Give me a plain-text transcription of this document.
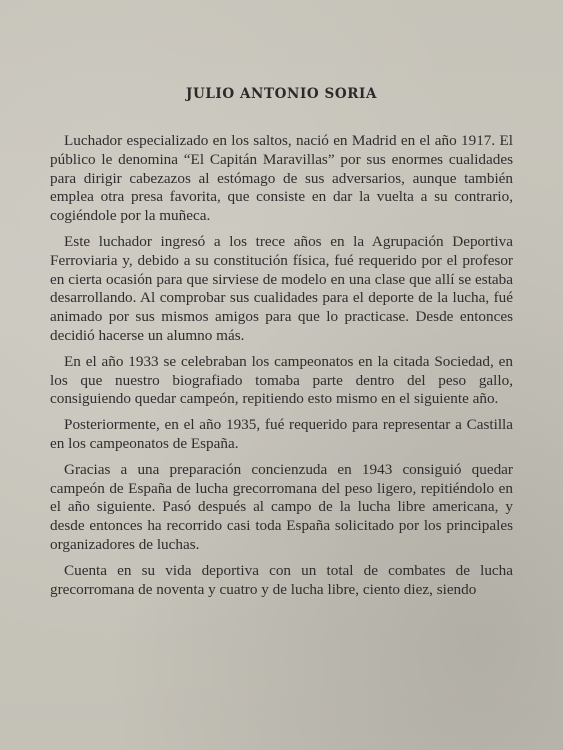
JULIO ANTONIO SORIA

Luchador especializado en los saltos, nació en Madrid en el año 1917. El público le denomina “El Capitán Maravillas” por sus enormes cualidades para dirigir cabezazos al estómago de sus adversarios, aunque también emplea otra presa favorita, que consiste en dar la vuelta a su contrario, cogiéndole por la muñeca.

Este luchador ingresó a los trece años en la Agrupación Deportiva Ferroviaria y, debido a su constitución física, fué requerido por el profesor en cierta ocasión para que sirviese de modelo en una clase que allí se estaba desarrollando. Al comprobar sus cualidades para el deporte de la lucha, fué animado por sus mismos amigos para que lo practicase. Desde entonces decidió hacerse un alumno más.

En el año 1933 se celebraban los campeonatos en la citada Sociedad, en los que nuestro biografiado tomaba parte dentro del peso gallo, consiguiendo quedar campeón, repitiendo esto mismo en el siguiente año.

Posteriormente, en el año 1935, fué requerido para representar a Castilla en los campeonatos de España.

Gracias a una preparación concienzuda en 1943 consiguió quedar campeón de España de lucha grecorromana del peso ligero, repitiéndolo en el año siguiente. Pasó después al campo de la lucha libre americana, y desde entonces ha recorrido casi toda España solicitado por los principales organizadores de luchas.

Cuenta en su vida deportiva con un total de combates de lucha grecorromana de noventa y cuatro y de lucha libre, ciento diez, siendo
